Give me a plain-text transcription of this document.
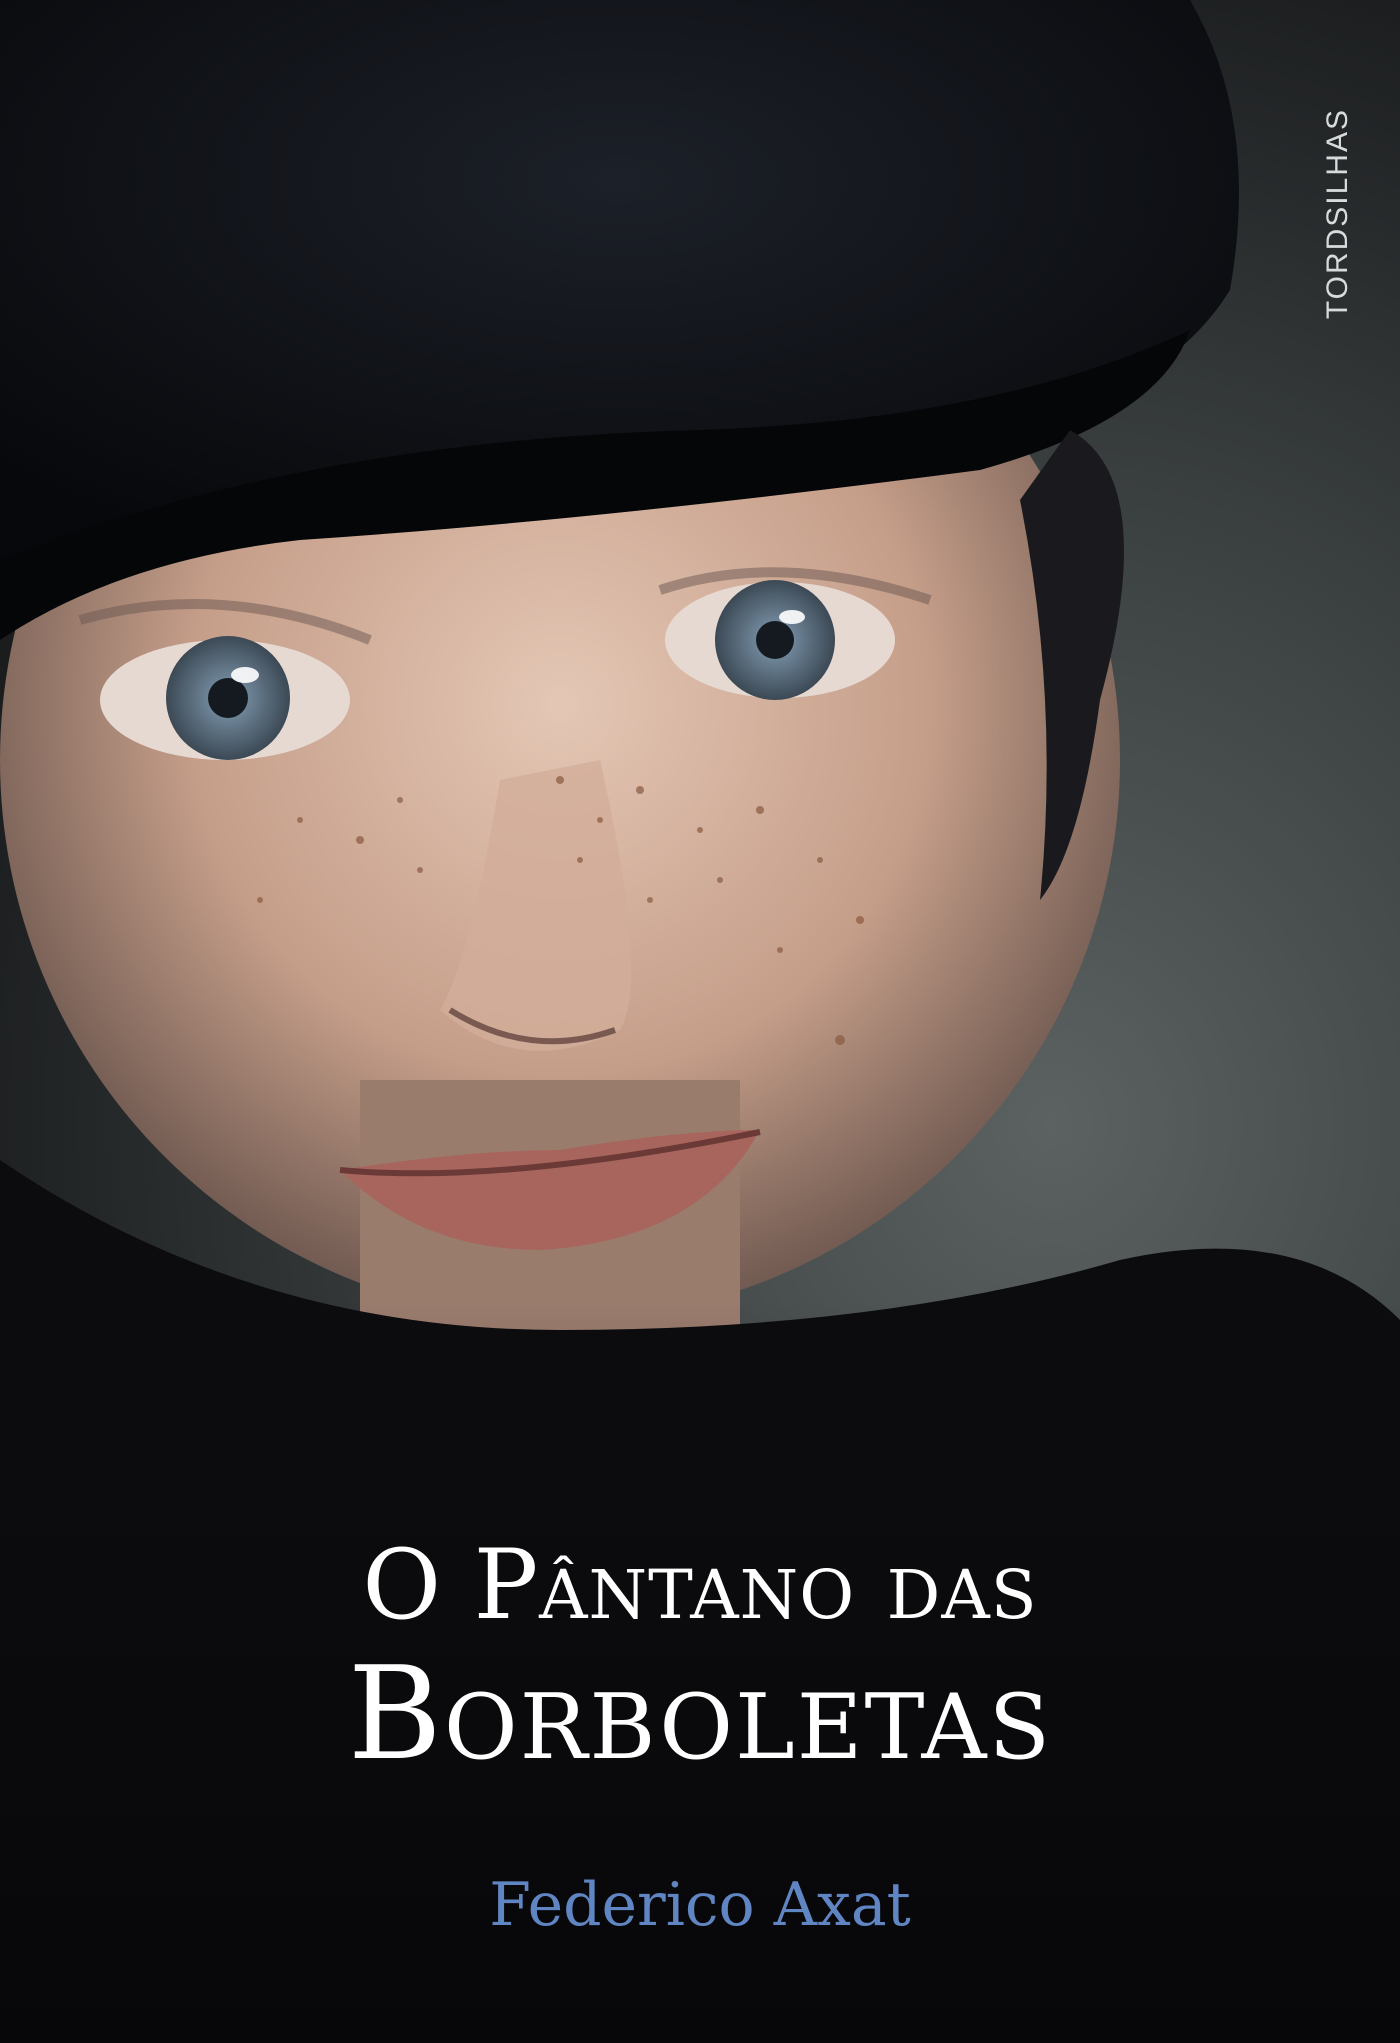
TORDSILHAS
O Pântano das
Borboletas
Federico Axat
